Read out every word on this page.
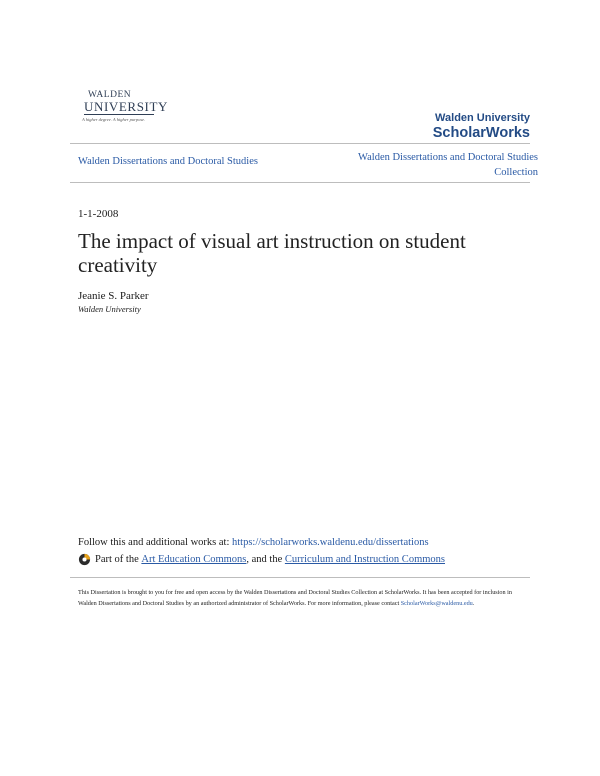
WALDEN
UNIVERSITY
A higher degree. A higher purpose.	Walden University
ScholarWorks
Walden Dissertations and Doctoral Studies	Walden Dissertations and Doctoral Studies
Collection
1-1-2008
The impact of visual art instruction on student creativity
Jeanie S. Parker
Walden University
Follow this and additional works at: https://scholarworks.waldenu.edu/dissertations
Part of the
Art Education Commons , and the
Curriculum and Instruction Commons
This Dissertation is brought to you for free and open access by the Walden Dissertations and Doctoral Studies Collection at ScholarWorks. It has been accepted for inclusion in Walden Dissertations and Doctoral Studies by an authorized administrator of ScholarWorks. For more information, please contact ScholarWorks@waldenu.edu.
